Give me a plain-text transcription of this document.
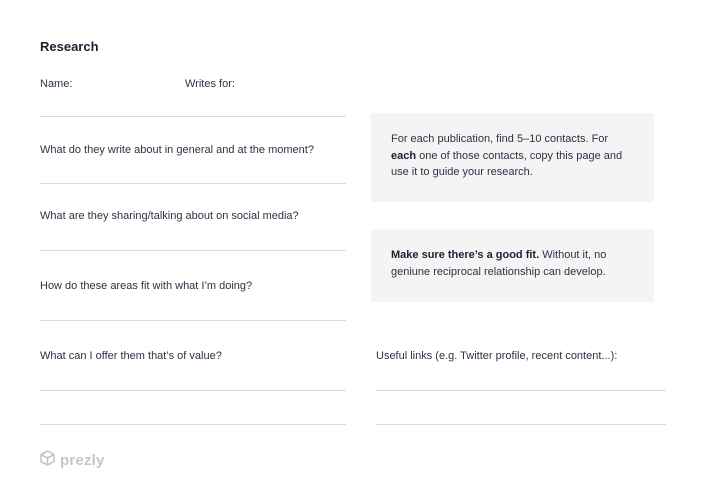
Research
Name:	Writes for:
What do they write about in general and at the moment?
What are they sharing/talking about on social media?
How do these areas fit with what I’m doing?
What can I offer them that’s of value?
For each publication, find 5–10 contacts. For each one of those contacts, copy this page and use it to guide your research.
Make sure there’s a good fit. Without it, no geniune reciprocal relationship can develop.
Useful links (e.g. Twitter profile, recent content...):
prezly
